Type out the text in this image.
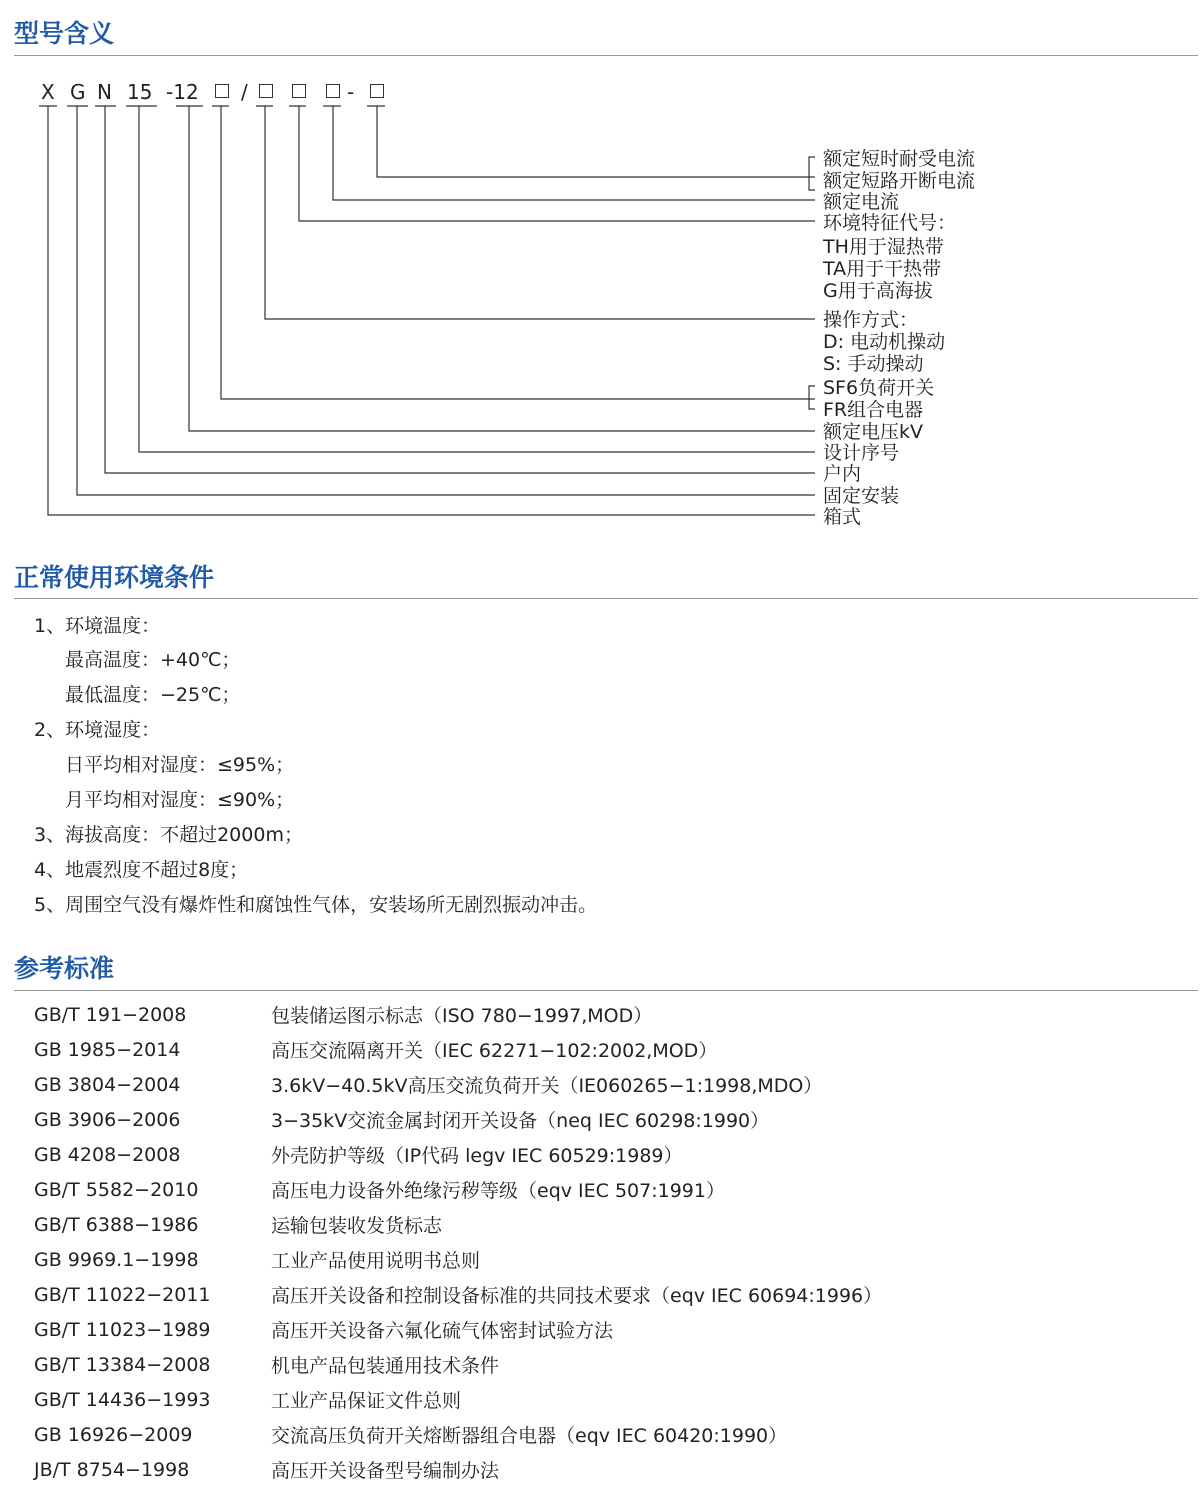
型号含义
X G N 15 -12 /	-
额定短时耐受电流
额定短路开断电流
额定电流
环境特征代号：
TH用于湿热带
TA用于干热带
G用于高海拔
操作方式：
D: 电动机操动
S: 手动操动
SF6负荷开关
FR组合电器
额定电压kV
设计序号
户内
固定安装
箱式
正常使用环境条件
1、环境温度：
最高温度：+40℃；
最低温度：−25℃；
2、环境湿度：
日平均相对湿度：≤95%；
月平均相对湿度：≤90%；
3、海拔高度：不超过2000m；
4、地震烈度不超过8度；
5、周围空气没有爆炸性和腐蚀性气体，安装场所无剧烈振动冲击。
参考标准
GB/T 191−2008	包装储运图示标志（ISO 780−1997,MOD）
GB 1985−2014	高压交流隔离开关（IEC 62271−102:2002,MOD）
GB 3804−2004	3.6kV−40.5kV高压交流负荷开关（IE060265−1:1998,MDO）
GB 3906−2006	3−35kV交流金属封闭开关设备（neq IEC 60298:1990）
GB 4208−2008	外壳防护等级（IP代码 legv IEC 60529:1989）
GB/T 5582−2010	高压电力设备外绝缘污秽等级（eqv IEC 507:1991）
GB/T 6388−1986	运输包装收发货标志
GB 9969.1−1998	工业产品使用说明书总则
GB/T 11022−2011	高压开关设备和控制设备标准的共同技术要求（eqv IEC 60694:1996）
GB/T 11023−1989	高压开关设备六氟化硫气体密封试验方法
GB/T 13384−2008	机电产品包装通用技术条件
GB/T 14436−1993	工业产品保证文件总则
GB 16926−2009	交流高压负荷开关熔断器组合电器（eqv IEC 60420:1990）
JB/T 8754−1998	高压开关设备型号编制办法
